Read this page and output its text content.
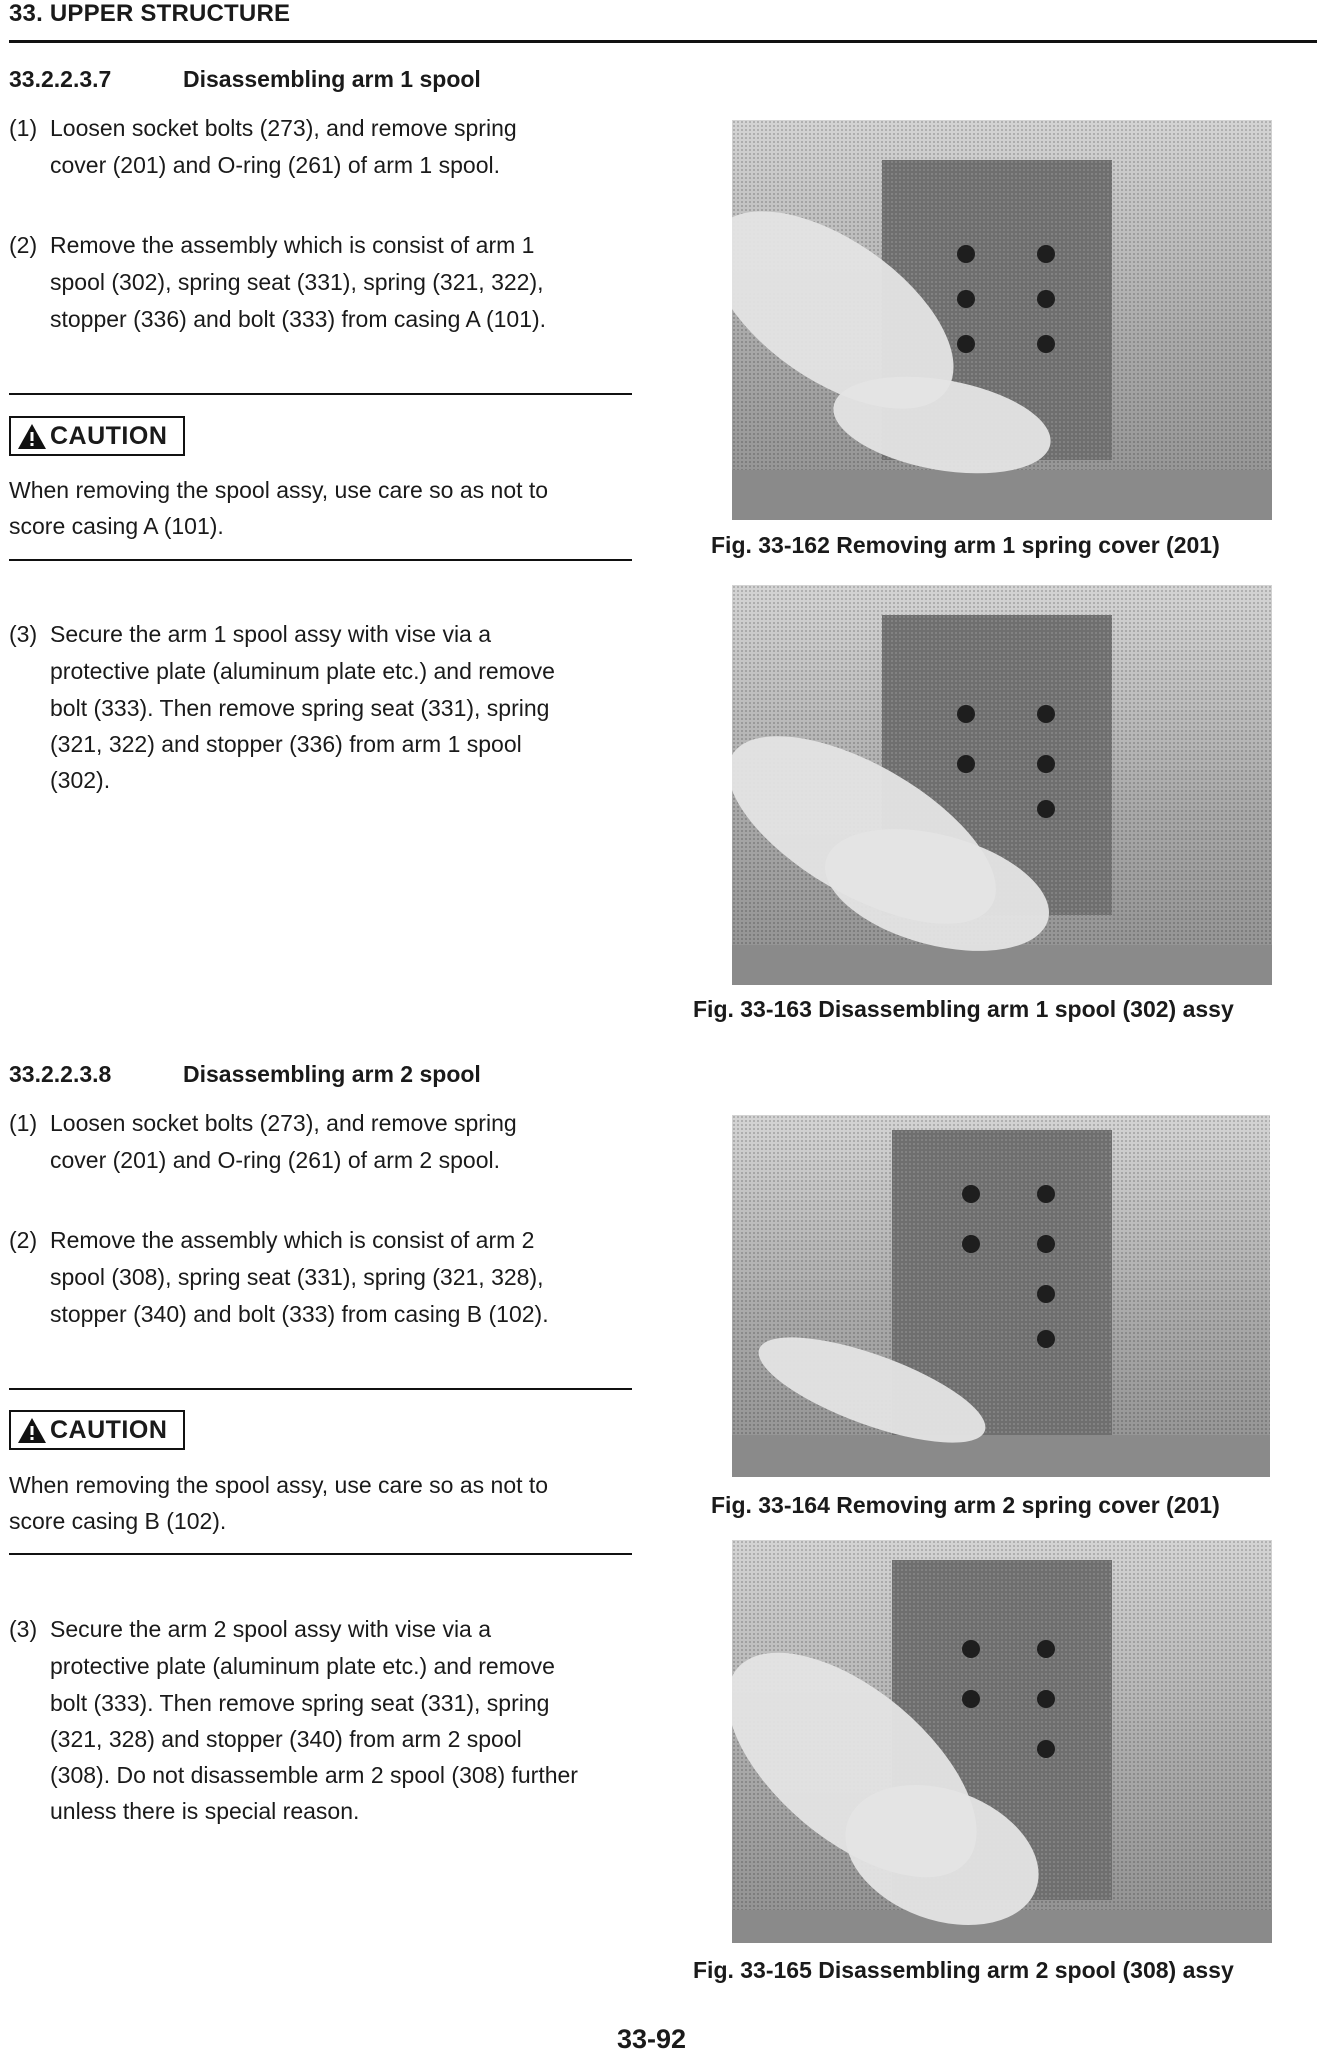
33. UPPER STRUCTURE
33.2.2.3.7	Disassembling arm 1 spool
(1) Loosen socket bolts (273), and remove spring
cover (201) and O-ring (261) of arm 1 spool.
(2) Remove the assembly which is consist of arm 1
spool (302), spring seat (331), spring (321, 322),
stopper (336) and bolt (333) from casing A (101).
CAUTION
When removing the spool assy, use care so as not to
score casing A (101).
(3) Secure the arm 1 spool assy with vise via a
protective plate (aluminum plate etc.) and remove
bolt (333). Then remove spring seat (331), spring
(321, 322) and stopper (336) from arm 1 spool
(302).
Fig. 33-162 Removing arm 1 spring cover (201)
Fig. 33-163 Disassembling arm 1 spool (302) assy
33.2.2.3.8	Disassembling arm 2 spool
(1) Loosen socket bolts (273), and remove spring
cover (201) and O-ring (261) of arm 2 spool.
(2) Remove the assembly which is consist of arm 2
spool (308), spring seat (331), spring (321, 328),
stopper (340) and bolt (333) from casing B (102).
CAUTION
When removing the spool assy, use care so as not to
score casing B (102).
(3) Secure the arm 2 spool assy with vise via a
protective plate (aluminum plate etc.) and remove
bolt (333). Then remove spring seat (331), spring
(321, 328) and stopper (340) from arm 2 spool
(308). Do not disassemble arm 2 spool (308) further
unless there is special reason.
Fig. 33-164 Removing arm 2 spring cover (201)
Fig. 33-165 Disassembling arm 2 spool (308) assy
33-92
